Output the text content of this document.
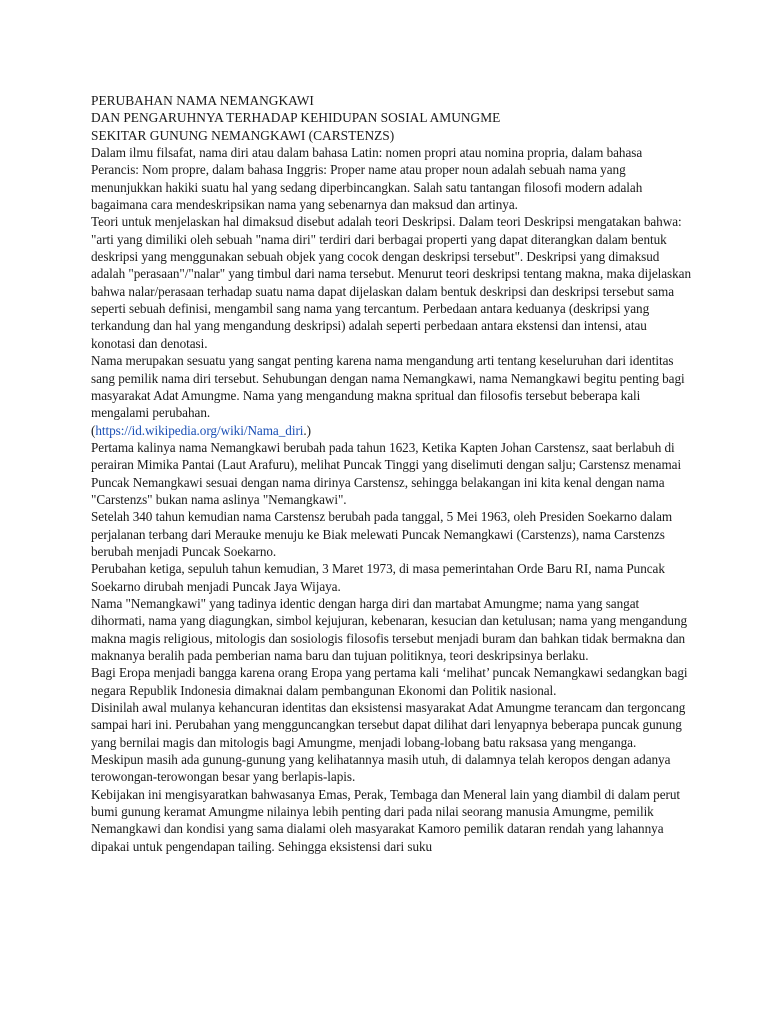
PERUBAHAN NAMA NEMANGKAWI
DAN PENGARUHNYA TERHADAP KEHIDUPAN SOSIAL AMUNGME
SEKITAR GUNUNG NEMANGKAWI (CARSTENZS)

Dalam ilmu filsafat, nama diri atau dalam bahasa Latin: nomen propri atau nomina propria, dalam bahasa Perancis: Nom propre, dalam bahasa Inggris: Proper name atau proper noun adalah sebuah nama yang menunjukkan hakiki suatu hal yang sedang diperbincangkan. Salah satu tantangan filosofi modern adalah bagaimana cara mendeskripsikan nama yang sebenarnya dan maksud dan artinya.

Teori untuk menjelaskan hal dimaksud disebut adalah teori Deskripsi. Dalam teori Deskripsi mengatakan bahwa: "arti yang dimiliki oleh sebuah "nama diri" terdiri dari berbagai properti yang dapat diterangkan dalam bentuk deskripsi yang menggunakan sebuah objek yang cocok dengan deskripsi tersebut". Deskripsi yang dimaksud adalah "perasaan"/"nalar" yang timbul dari nama tersebut. Menurut teori deskripsi tentang makna, maka dijelaskan bahwa nalar/perasaan terhadap suatu nama dapat dijelaskan dalam bentuk deskripsi dan deskripsi tersebut sama seperti sebuah definisi, mengambil sang nama yang tercantum. Perbedaan antara keduanya (deskripsi yang terkandung dan hal yang mengandung deskripsi) adalah seperti perbedaan antara ekstensi dan intensi, atau konotasi dan denotasi.

Nama merupakan sesuatu yang sangat penting karena nama mengandung arti tentang keseluruhan dari identitas sang pemilik nama diri tersebut. Sehubungan dengan nama Nemangkawi, nama Nemangkawi begitu penting bagi masyarakat Adat Amungme. Nama yang mengandung makna spritual dan filosofis tersebut beberapa kali mengalami perubahan.
(https://id.wikipedia.org/wiki/Nama_diri.)

Pertama kalinya nama Nemangkawi berubah pada tahun 1623, Ketika Kapten Johan Carstensz, saat berlabuh di perairan Mimika Pantai (Laut Arafuru), melihat Puncak Tinggi yang diselimuti dengan salju; Carstensz menamai Puncak Nemangkawi sesuai dengan nama dirinya Carstensz, sehingga belakangan ini kita kenal dengan nama "Carstenzs" bukan nama aslinya "Nemangkawi".

Setelah 340 tahun kemudian nama Carstensz berubah pada tanggal, 5 Mei 1963, oleh Presiden Soekarno dalam perjalanan terbang dari Merauke menuju ke Biak melewati Puncak Nemangkawi (Carstenzs), nama Carstenzs berubah menjadi Puncak Soekarno.

Perubahan ketiga, sepuluh tahun kemudian, 3 Maret 1973, di masa pemerintahan Orde Baru RI, nama Puncak Soekarno dirubah menjadi Puncak Jaya Wijaya.

Nama "Nemangkawi" yang tadinya identic dengan harga diri dan martabat Amungme; nama yang sangat dihormati, nama yang diagungkan, simbol kejujuran, kebenaran, kesucian dan ketulusan; nama yang mengandung makna magis religious, mitologis dan sosiologis filosofis tersebut menjadi buram dan bahkan tidak bermakna dan maknanya beralih pada pemberian nama baru dan tujuan politiknya, teori deskripsinya berlaku.

Bagi Eropa menjadi bangga karena orang Eropa yang pertama kali ‘melihat’ puncak Nemangkawi sedangkan bagi negara Republik Indonesia dimaknai dalam pembangunan Ekonomi dan Politik nasional.

Disinilah awal mulanya kehancuran identitas dan eksistensi masyarakat Adat Amungme terancam dan tergoncang sampai hari ini. Perubahan yang mengguncangkan tersebut dapat dilihat dari lenyapnya beberapa puncak gunung yang bernilai magis dan mitologis bagi Amungme, menjadi lobang-lobang batu raksasa yang menganga. Meskipun masih ada gunung-gunung yang kelihatannya masih utuh, di dalamnya telah keropos dengan adanya terowongan-terowongan besar yang berlapis-lapis.

Kebijakan ini mengisyaratkan bahwasanya Emas, Perak, Tembaga dan Meneral lain yang diambil di dalam perut bumi gunung keramat Amungme nilainya lebih penting dari pada nilai seorang manusia Amungme, pemilik Nemangkawi dan kondisi yang sama dialami oleh masyarakat Kamoro pemilik dataran rendah yang lahannya dipakai untuk pengendapan tailing. Sehingga eksistensi dari suku
